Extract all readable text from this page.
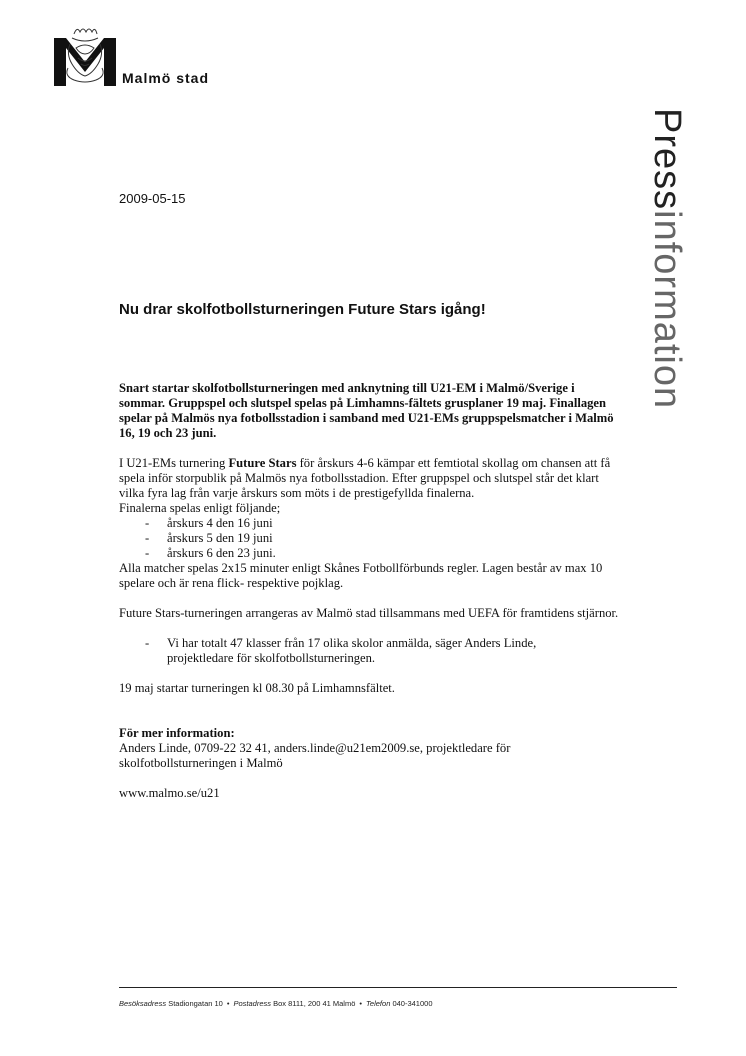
Malmö stad
Pressinformation
2009-05-15
Nu drar skolfotbollsturneringen Future Stars igång!

Snart startar skolfotbollsturneringen med anknytning till U21-EM i Malmö/Sverige i sommar. Gruppspel och slutspel spelas på Limhamns-fältets grusplaner 19 maj. Finallagen spelar på Malmös nya fotbollsstadion i samband med U21-EMs gruppspelsmatcher i Malmö 16, 19 och 23 juni.

I U21-EMs turnering Future Stars för årskurs 4-6 kämpar ett femtiotal skollag om chansen att få spela inför storpublik på Malmös nya fotbollsstadion. Efter gruppspel och slutspel står det klart vilka fyra lag från varje årskurs som möts i de prestigefyllda finalerna.

Finalerna spelas enligt följande;

- årskurs 4 den 16 juni
- årskurs 5 den 19 juni
- årskurs 6 den 23 juni.

Alla matcher spelas 2x15 minuter enligt Skånes Fotbollförbunds regler. Lagen består av max 10 spelare och är rena flick- respektive pojklag.

Future Stars-turneringen arrangeras av Malmö stad tillsammans med UEFA för framtidens stjärnor.

- Vi har totalt 47 klasser från 17 olika skolor anmälda, säger Anders Linde, projektledare för skolfotbollsturneringen.

19 maj startar turneringen kl 08.30 på Limhamnsfältet.

För mer information:

Anders Linde, 0709-22 32 41, anders.linde@u21em2009.se, projektledare för skolfotbollsturneringen i Malmö

www.malmo.se/u21

Besöksadress Stadiongatan 10 • Postadress Box 8111, 200 41 Malmö • Telefon 040-341000
